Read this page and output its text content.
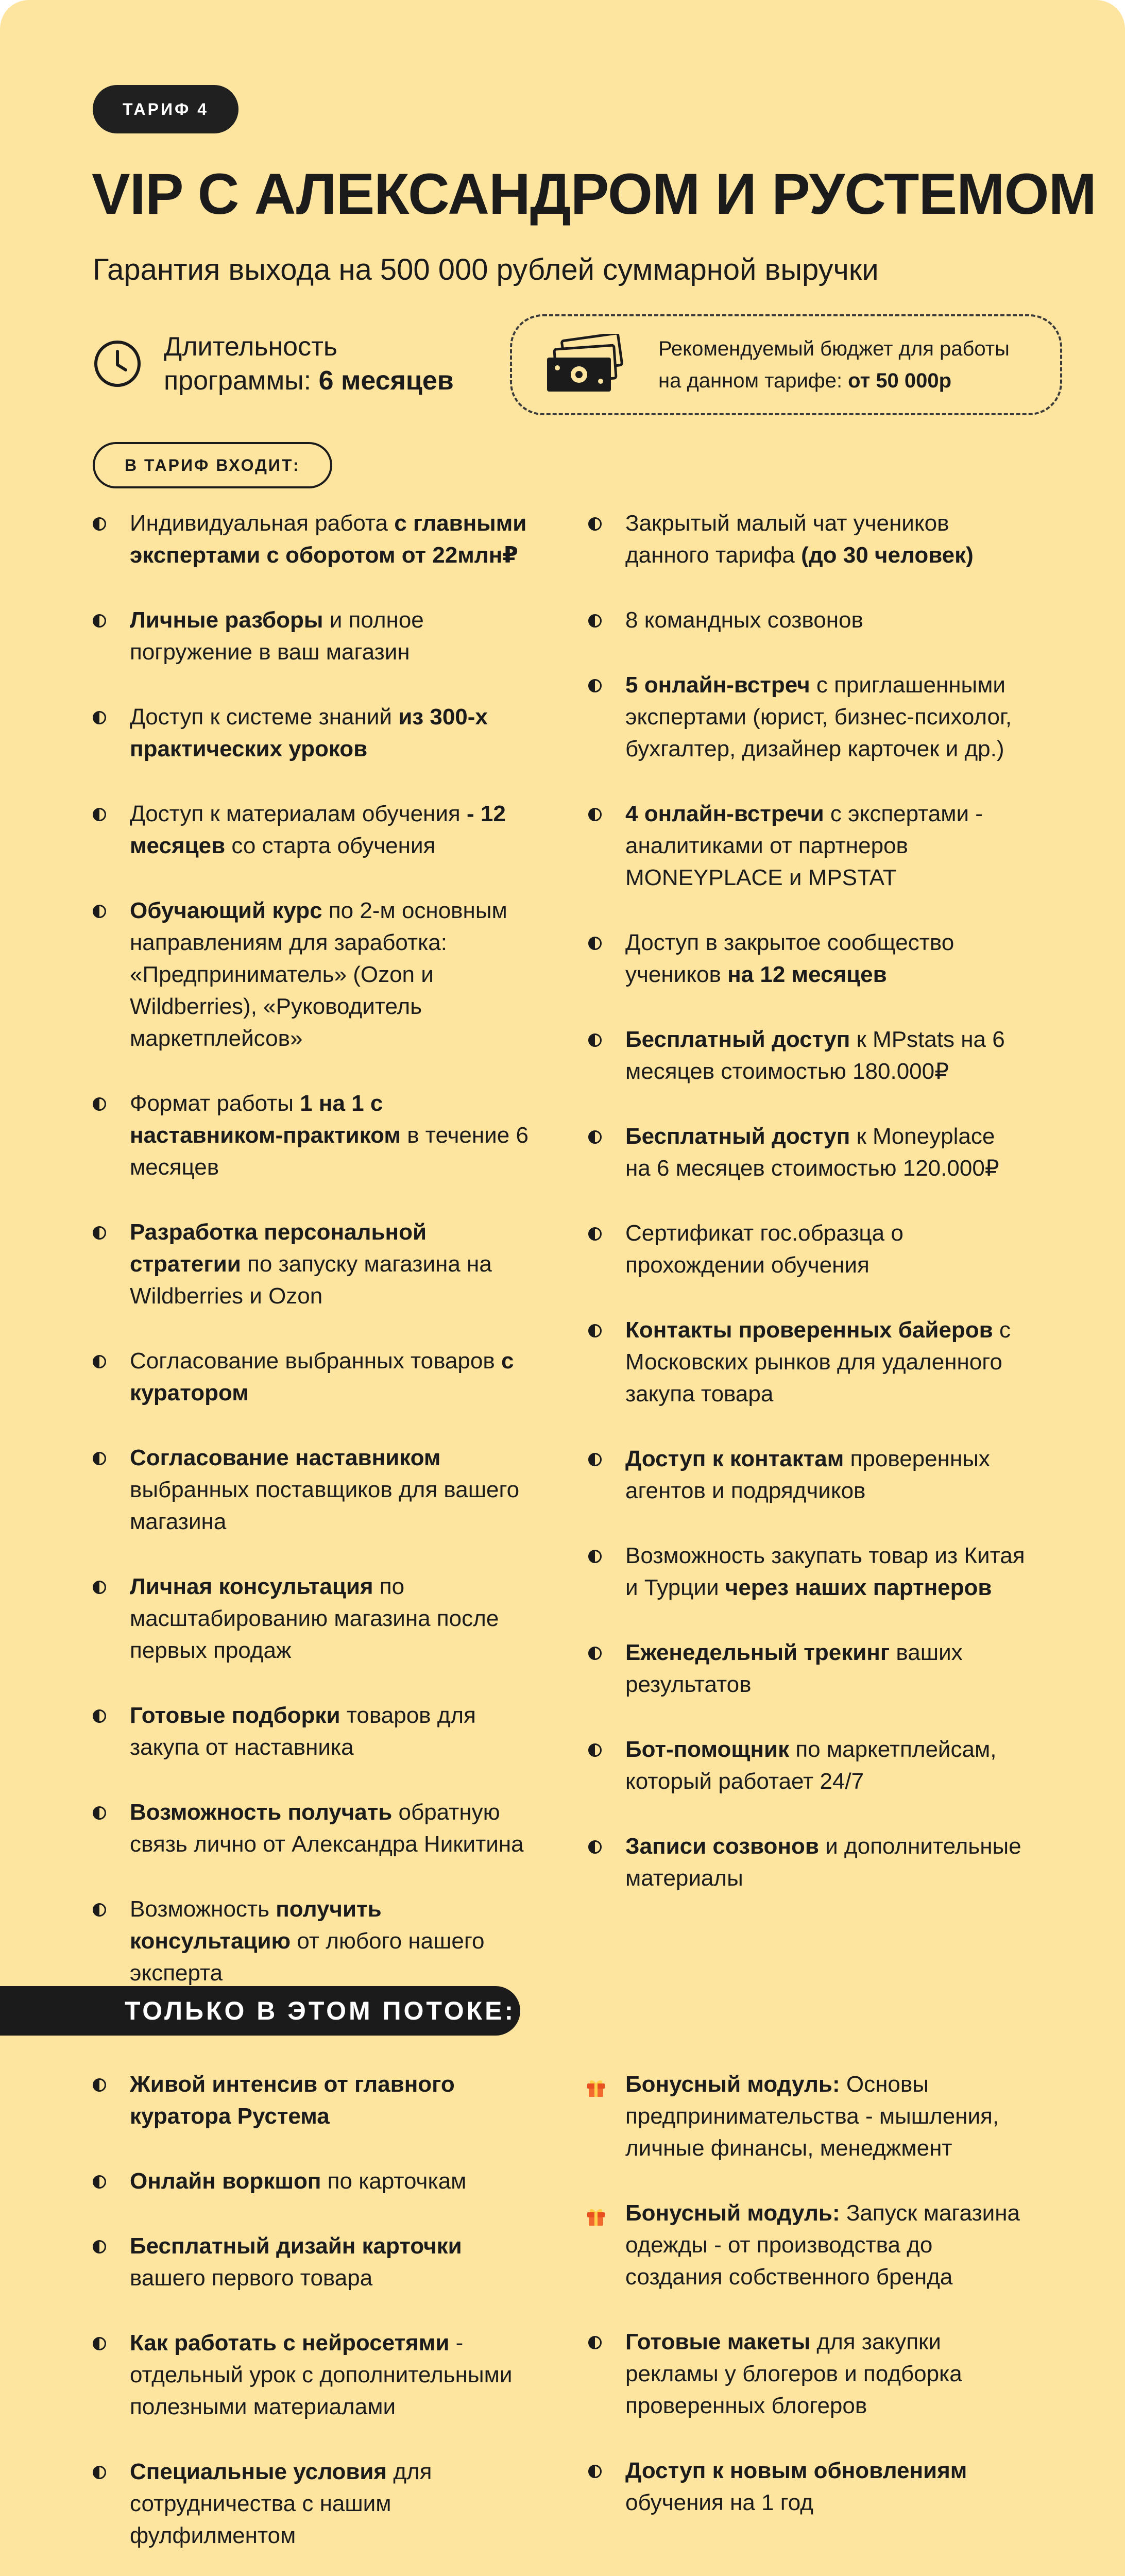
ТАРИФ 4
VIP С АЛЕКСАНДРОМ И РУСТЕМОМ

Гарантия выхода на 500 000 рублей суммарной выручки

Длительность
программы: 6 месяцев
Рекомендуемый бюджет для работы
на данном тарифе: от 50 000р
В ТАРИФ ВХОДИТ:
Индивидуальная работа с главными экспертами с оборотом от 22млн₽
Личные разборы и полное погружение в ваш магазин
Доступ к системе знаний из 300-х практических уроков
Доступ к материалам обучения - 12 месяцев со старта обучения
Обучающий курс по 2-м основным направлениям для заработка: «Предприниматель» (Ozon и Wildberries), «Руководитель маркетплейсов»
Формат работы 1 на 1 с наставником-практиком в течение 6 месяцев
Разработка персональной стратегии по запуску магазина на Wildberries и Ozon
Согласование выбранных товаров с куратором
Согласование наставником выбранных поставщиков для вашего магазина
Личная консультация по масштабированию магазина после первых продаж
Готовые подборки товаров для закупа от наставника
Возможность получать обратную связь лично от Александра Никитина
Возможность получить консультацию от любого нашего эксперта
Закрытый малый чат учеников данного тарифа (до 30 человек)
8 командных созвонов
5 онлайн-встреч с приглашенными экспертами (юрист, бизнес-психолог, бухгалтер, дизайнер карточек и др.)
4 онлайн-встречи с экспертами - аналитиками от партнеров MONEYPLACE и MPSTAT
Доступ в закрытое сообщество учеников на 12 месяцев
Бесплатный доступ к MPstats на 6 месяцев стоимостью 180.000₽
Бесплатный доступ к Moneyplace на 6 месяцев стоимостью 120.000₽
Сертификат гос.образца о прохождении обучения
Контакты проверенных байеров с Московских рынков для удаленного закупа товара
Доступ к контактам проверенных агентов и подрядчиков
Возможность закупать товар из Китая и Турции через наших партнеров
Еженедельный трекинг ваших результатов
Бот-помощник по маркетплейсам, который работает 24/7
Записи созвонов и дополнительные материалы
ТОЛЬКО В ЭТОМ ПОТОКЕ:
Живой интенсив от главного куратора Рустема
Онлайн воркшоп по карточкам
Бесплатный дизайн карточки вашего первого товара
Как работать с нейросетями - отдельный урок с дополнительными полезными материалами
Специальные условия для сотрудничества с нашим фулфилментом
Бонусный модуль: Основы предпринимательства - мышления, личные финансы, менеджмент
Бонусный модуль: Запуск магазина одежды - от производства до создания собственного бренда
Готовые макеты для закупки рекламы у блогеров и подборка проверенных блогеров
Доступ к новым обновлениям обучения на 1 год
